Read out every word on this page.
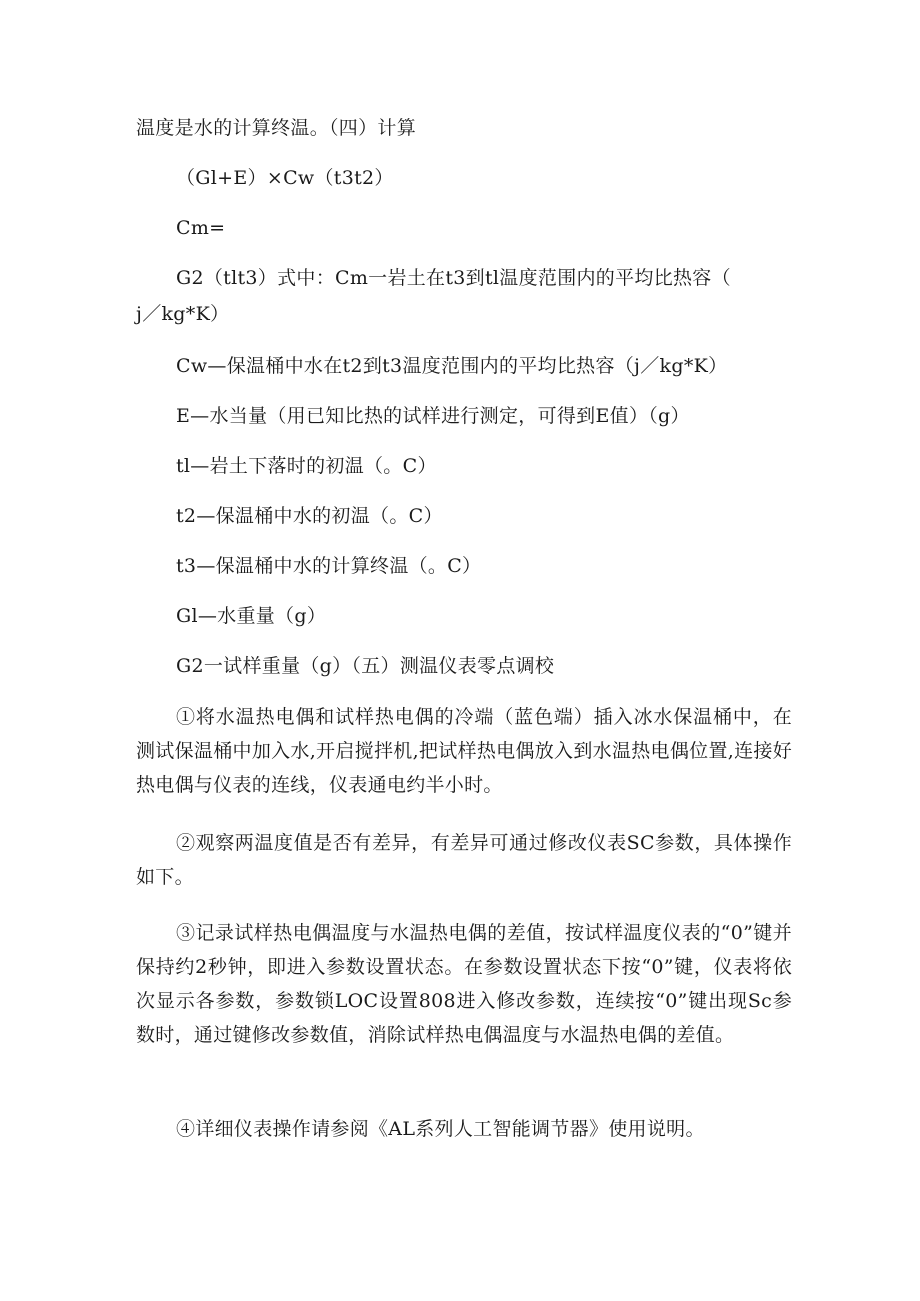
温度是水的计算终温。（四）计算
（Gl+E）×Cw（t3t2）
Cm=
G2（tlt3）式中：Cm一岩土在t3到tl温度范围内的平均比热容（
j／kg*K）
Cw—保温桶中水在t2到t3温度范围内的平均比热容（j／kg*K）
E—水当量（用已知比热的试样进行测定，可得到E值）（g）
tl—岩土下落时的初温（。C）
t2—保温桶中水的初温（。C）
t3—保温桶中水的计算终温（。C）
Gl—水重量（g）
G2一试样重量（g）（五）测温仪表零点调校
①将水温热电偶和试样热电偶的冷端（蓝色端）插入冰水保温桶中，在测试保温桶中加入水,开启搅拌机,把试样热电偶放入到水温热电偶位置,连接好热电偶与仪表的连线，仪表通电约半小时。
②观察两温度值是否有差异，有差异可通过修改仪表SC参数，具体操作如下。
③记录试样热电偶温度与水温热电偶的差值，按试样温度仪表的“0”键并保持约2秒钟，即进入参数设置状态。在参数设置状态下按“0”键，仪表将依次显示各参数，参数锁LOC设置808进入修改参数，连续按“0”键出现Sc参数时，通过键修改参数值，消除试样热电偶温度与水温热电偶的差值。
④详细仪表操作请参阅《AL系列人工智能调节器》使用说明。
